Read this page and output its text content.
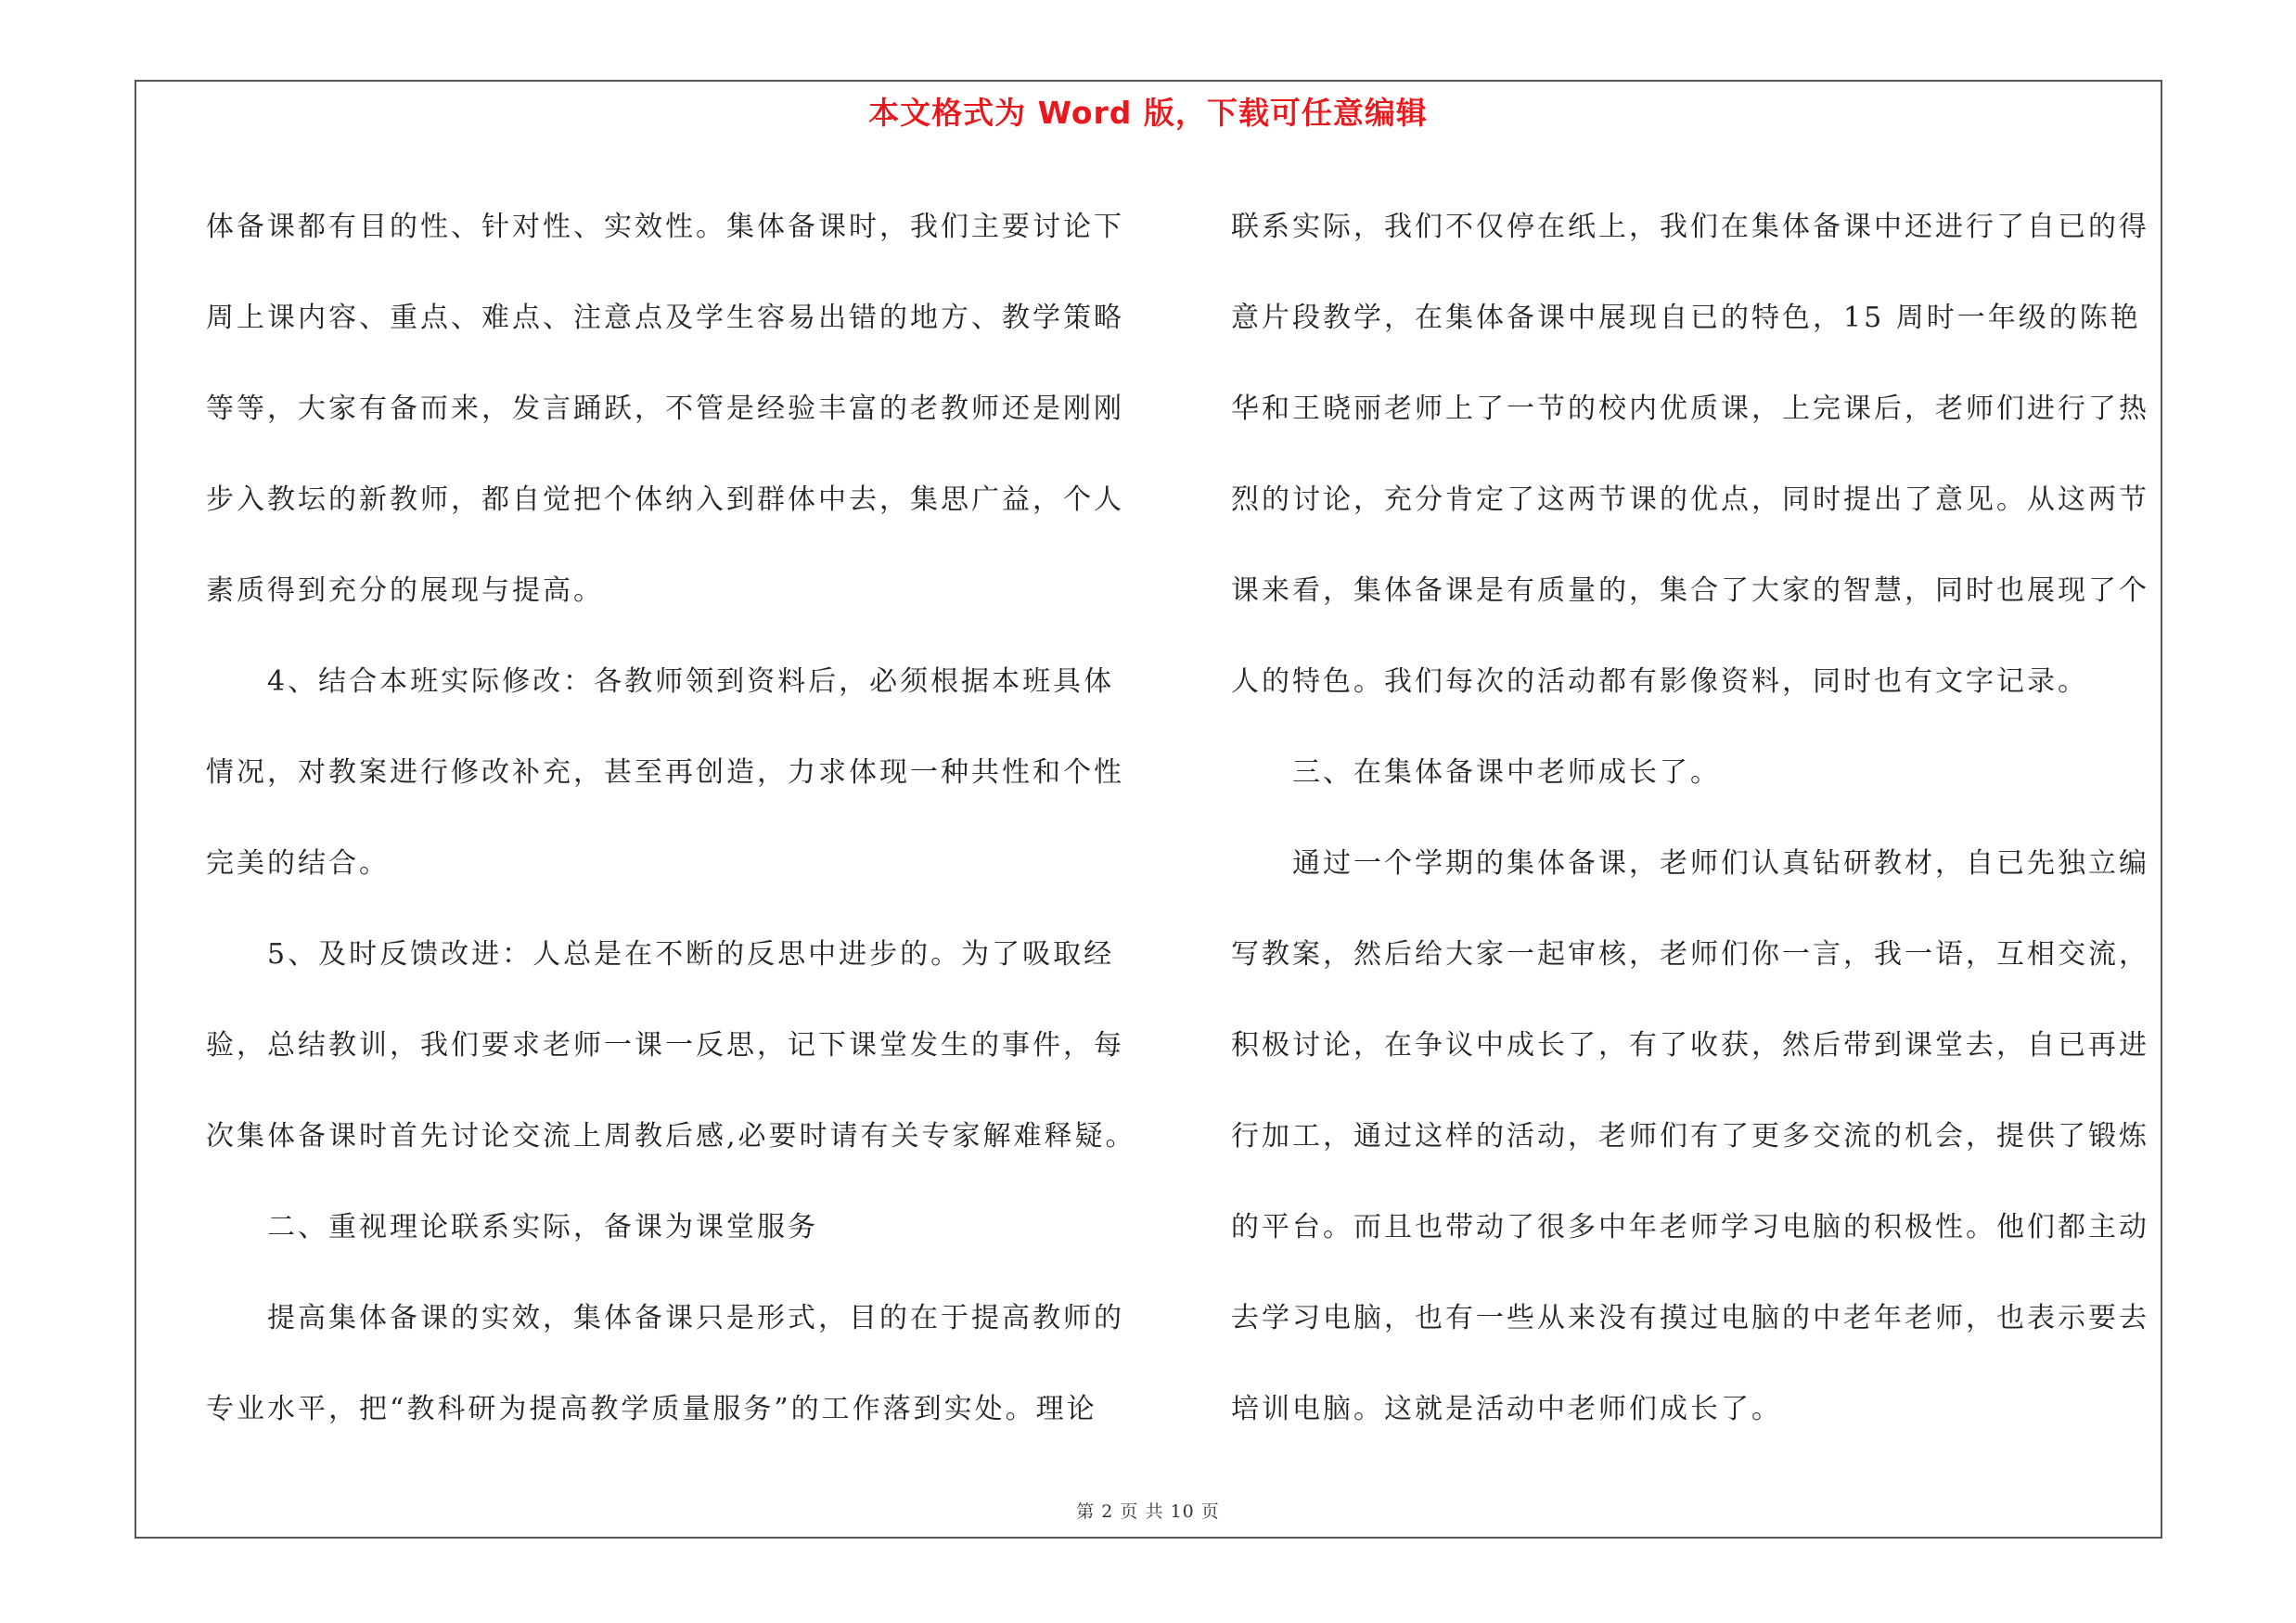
本文格式为 Word 版，下载可任意编辑
体备课都有目的性、针对性、实效性。集体备课时，我们主要讨论下
周上课内容、重点、难点、注意点及学生容易出错的地方、教学策略
等等，大家有备而来，发言踊跃，不管是经验丰富的老教师还是刚刚
步入教坛的新教师，都自觉把个体纳入到群体中去，集思广益，个人
素质得到充分的展现与提高。
4、结合本班实际修改：各教师领到资料后，必须根据本班具体
情况，对教案进行修改补充，甚至再创造，力求体现一种共性和个性
完美的结合。
5、及时反馈改进：人总是在不断的反思中进步的。为了吸取经
验，总结教训，我们要求老师一课一反思，记下课堂发生的事件，每
次集体备课时首先讨论交流上周教后感,必要时请有关专家解难释疑。
二、重视理论联系实际，备课为课堂服务
提高集体备课的实效，集体备课只是形式，目的在于提高教师的
专业水平，把“教科研为提高教学质量服务”的工作落到实处。理论
联系实际，我们不仅停在纸上，我们在集体备课中还进行了自已的得
意片段教学，在集体备课中展现自已的特色，15 周时一年级的陈艳
华和王晓丽老师上了一节的校内优质课，上完课后，老师们进行了热
烈的讨论，充分肯定了这两节课的优点，同时提出了意见。从这两节
课来看，集体备课是有质量的，集合了大家的智慧，同时也展现了个
人的特色。我们每次的活动都有影像资料，同时也有文字记录。
三、在集体备课中老师成长了。
通过一个学期的集体备课，老师们认真钻研教材，自已先独立编
写教案，然后给大家一起审核，老师们你一言，我一语，互相交流，
积极讨论，在争议中成长了，有了收获，然后带到课堂去，自已再进
行加工，通过这样的活动，老师们有了更多交流的机会，提供了锻炼
的平台。而且也带动了很多中年老师学习电脑的积极性。他们都主动
去学习电脑，也有一些从来没有摸过电脑的中老年老师，也表示要去
培训电脑。这就是活动中老师们成长了。
第 2 页 共 10 页
